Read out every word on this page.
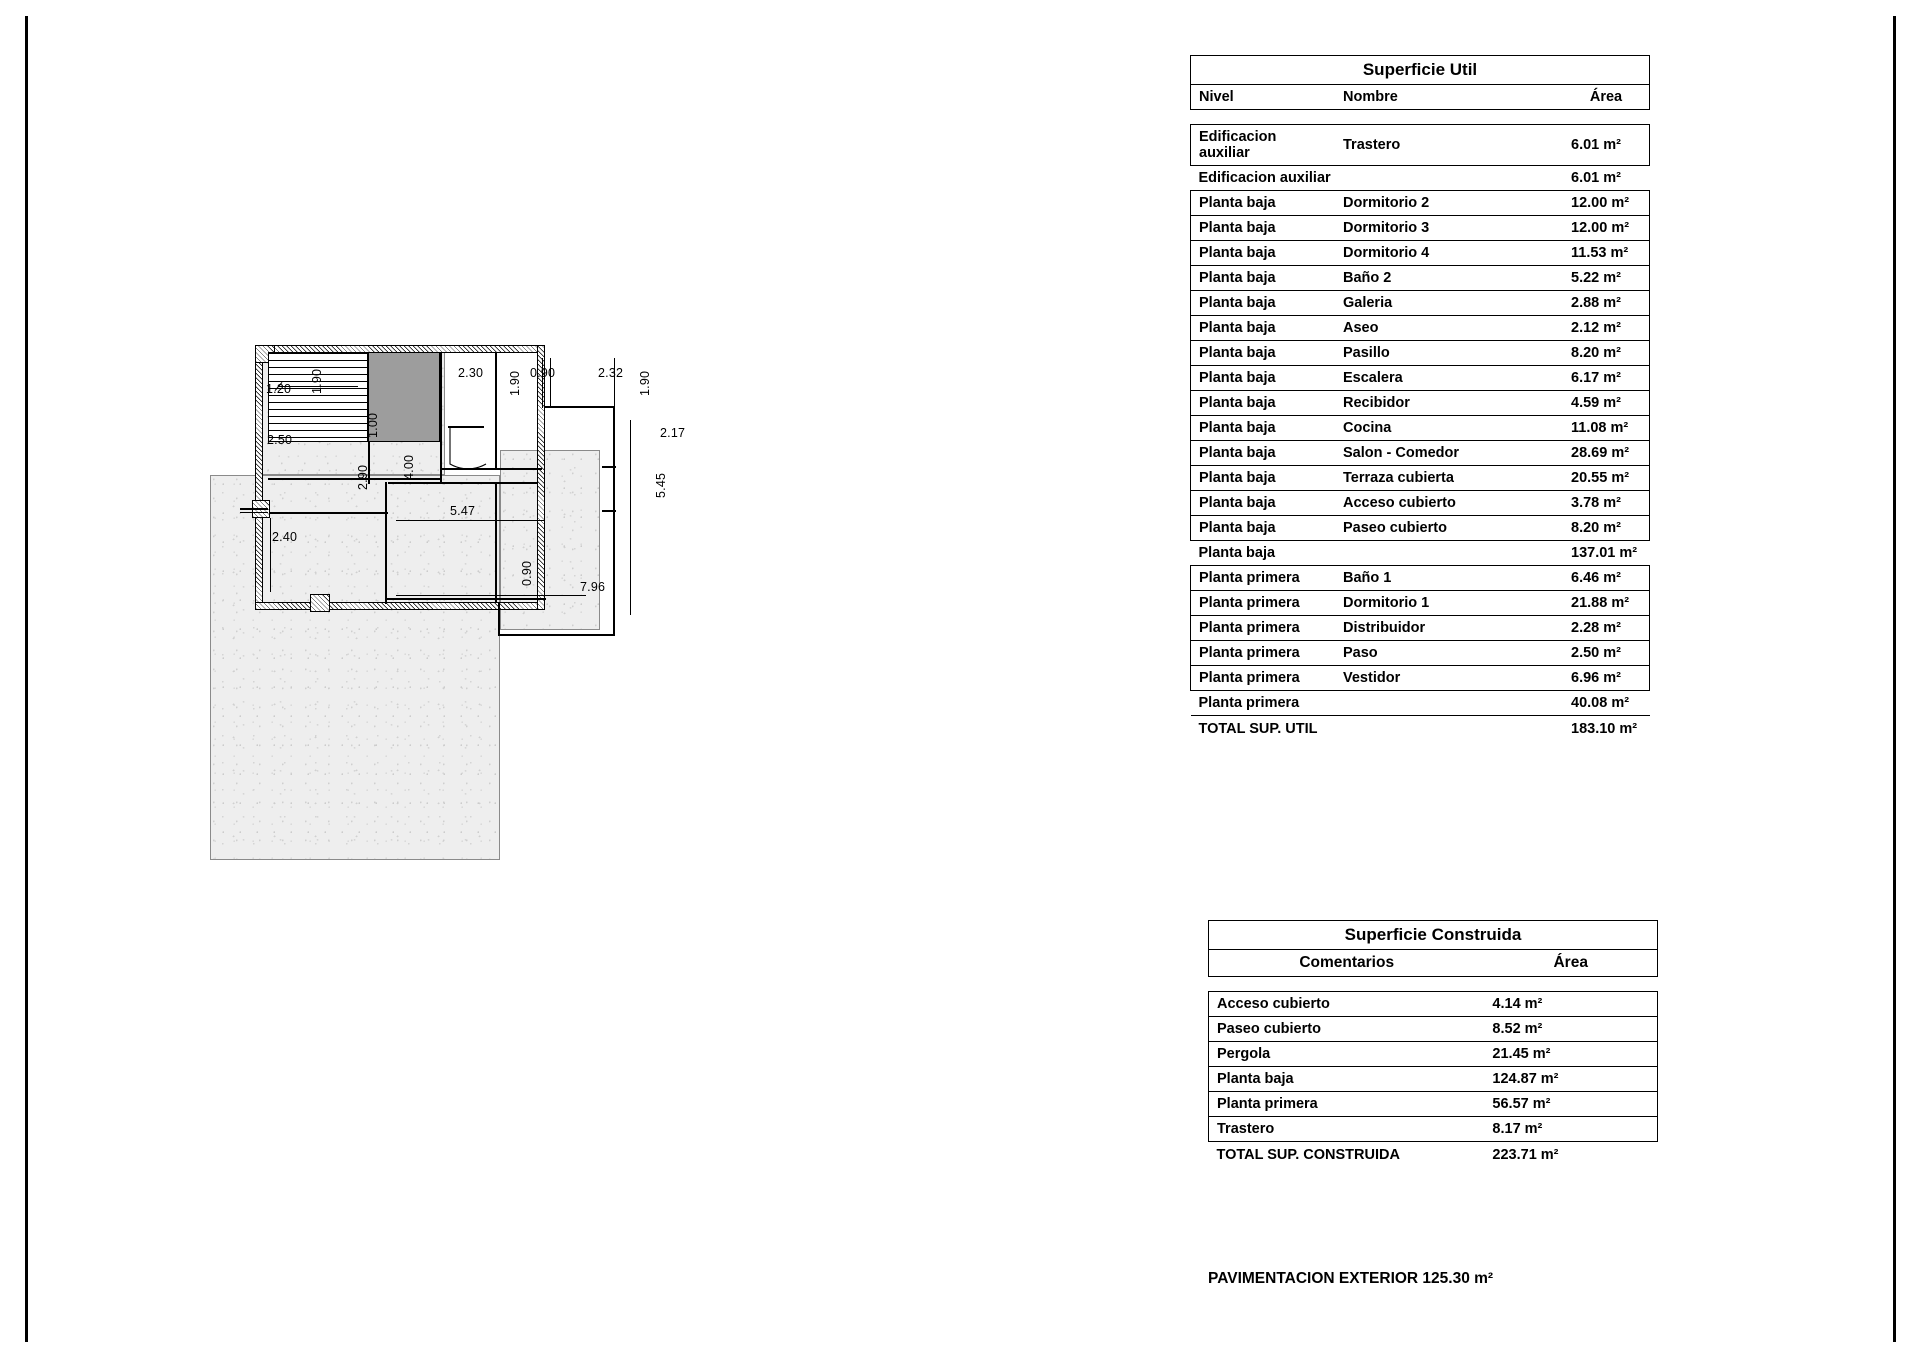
1.20 1.90	2.30 1.90 0.90	2.32 1.90
2.50
1.00	2.17
4.00
5.47
5.45
2.90
2.40
7.96
0.90
Superficie Util		
Nivel	Nombre	Área

Edificacion auxiliar	Trastero	6.01 m²
Edificacion auxiliar		6.01 m²
Planta baja	Dormitorio 2	12.00 m²
Planta baja	Dormitorio 3	12.00 m²
Planta baja	Dormitorio 4	11.53 m²
Planta baja	Baño 2	5.22 m²
Planta baja	Galeria	2.88 m²
Planta baja	Aseo	2.12 m²
Planta baja	Pasillo	8.20 m²
Planta baja	Escalera	6.17 m²
Planta baja	Recibidor	4.59 m²
Planta baja	Cocina	11.08 m²
Planta baja	Salon - Comedor	28.69 m²
Planta baja	Terraza cubierta	20.55 m²
Planta baja	Acceso cubierto	3.78 m²
Planta baja	Paseo cubierto	8.20 m²
Planta baja		137.01 m²
Planta primera	Baño 1	6.46 m²
Planta primera	Dormitorio 1	21.88 m²
Planta primera	Distribuidor	2.28 m²
Planta primera	Paso	2.50 m²
Planta primera	Vestidor	6.96 m²
Planta primera		40.08 m²
TOTAL SUP. UTIL		183.10 m²
Superficie Construida	
Comentarios	Área

Acceso cubierto	4.14 m²
Paseo cubierto	8.52 m²
Pergola	21.45 m²
Planta baja	124.87 m²
Planta primera	56.57 m²
Trastero	8.17 m²
TOTAL SUP. CONSTRUIDA	223.71 m²
PAVIMENTACION EXTERIOR 125.30 m²
